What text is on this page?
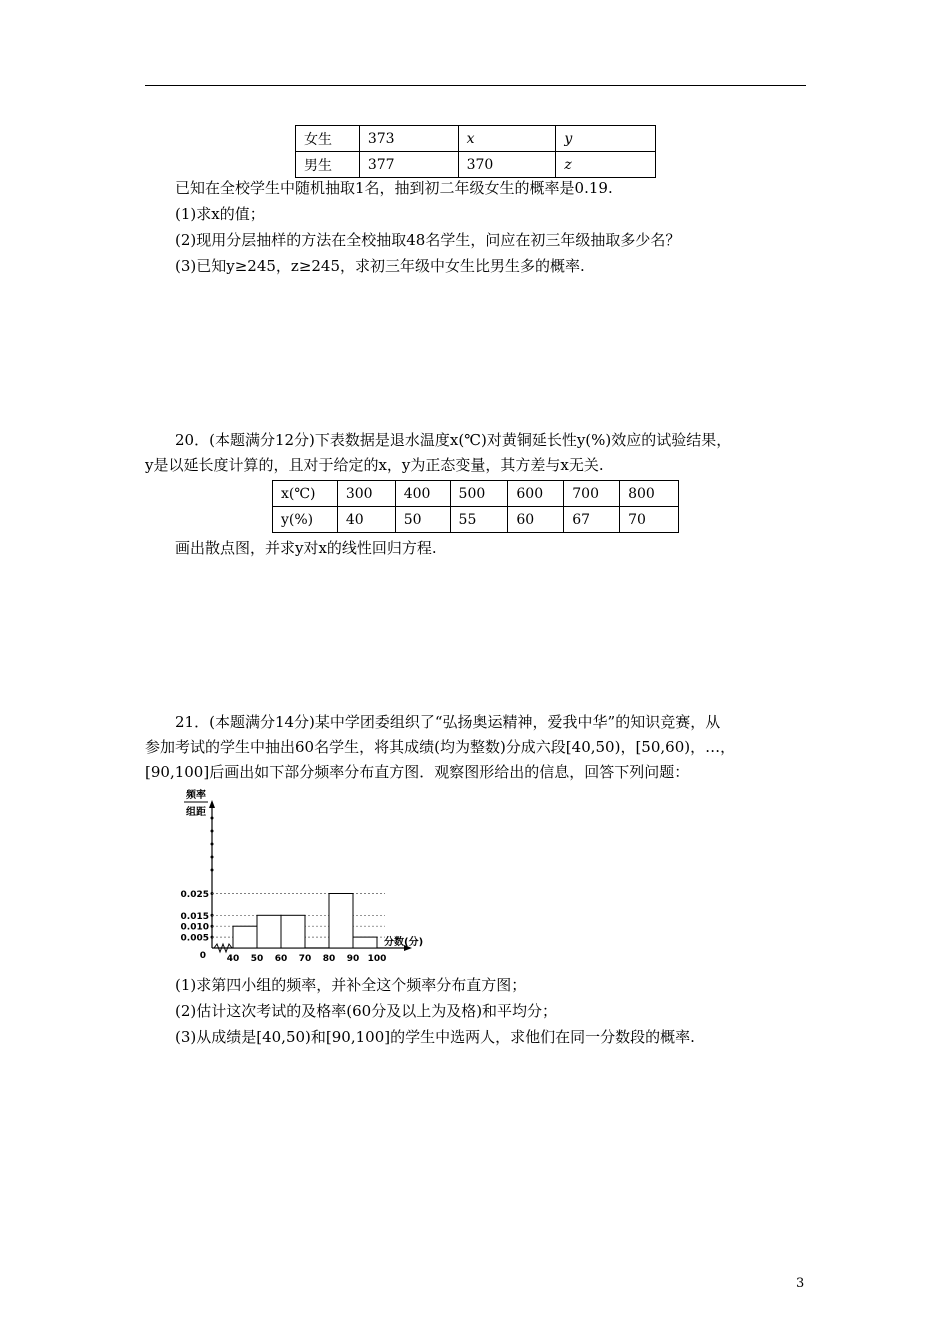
女生	373	x	y
男生	377	370	z
已知在全校学生中随机抽取1名，抽到初二年级女生的概率是0.19.
(1)求x的值；
(2)现用分层抽样的方法在全校抽取48名学生，问应在初三年级抽取多少名？
(3)已知y≥245，z≥245，求初三年级中女生比男生多的概率.
20．(本题满分12分)下表数据是退水温度x(℃)对黄铜延长性y(%)效应的试验结果，
y是以延长度计算的，且对于给定的x，y为正态变量，其方差与x无关.
x(℃)	300	400	500	600	700	800
y(%)	40	50	55	60	67	70
画出散点图，并求y对x的线性回归方程.
21．(本题满分14分)某中学团委组织了“弘扬奥运精神，爱我中华”的知识竞赛，从
参加考试的学生中抽出60名学生，将其成绩(均为整数)分成六段[40,50)，[50,60)，…，
[90,100]后画出如下部分频率分布直方图．观察图形给出的信息，回答下列问题：
0.005
0.010
0.015
0.025
40 50 60 70 80 90 100
0
频率
组距
分数(分)
(1)求第四小组的频率，并补全这个频率分布直方图；
(2)估计这次考试的及格率(60分及以上为及格)和平均分；
(3)从成绩是[40,50)和[90,100]的学生中选两人，求他们在同一分数段的概率.
3
